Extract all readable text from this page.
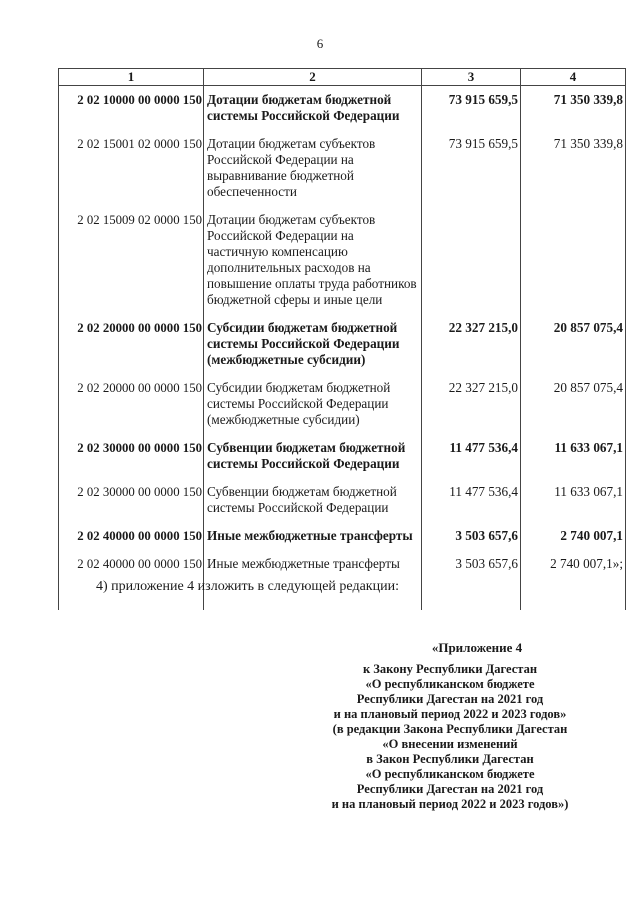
6
1	2	3	4
2 02 10000 00 0000 150	Дотации бюджетам бюджетной системы Российской Федерации	73 915 659,5	71 350 339,8
2 02 15001 02 0000 150	Дотации бюджетам субъектов Российской Федерации на выравнивание бюджетной обеспеченности	73 915 659,5	71 350 339,8
2 02 15009 02 0000 150	Дотации бюджетам субъектов Российской Федерации на частичную компенсацию дополнительных расходов на повышение оплаты труда работников бюджетной сферы и иные цели		
2 02 20000 00 0000 150	Субсидии бюджетам бюджетной системы Российской Федерации (межбюджетные субсидии)	22 327 215,0	20 857 075,4
2 02 20000 00 0000 150	Субсидии бюджетам бюджетной системы Российской Федерации (межбюджетные субсидии)	22 327 215,0	20 857 075,4
2 02 30000 00 0000 150	Субвенции бюджетам бюджетной системы Российской Федерации	11 477 536,4	11 633 067,1
2 02 30000 00 0000 150	Субвенции бюджетам бюджетной системы Российской Федерации	11 477 536,4	11 633 067,1
2 02 40000 00 0000 150	Иные межбюджетные трансферты	3 503 657,6	2 740 007,1
2 02 40000 00 0000 150	Иные межбюджетные трансферты	3 503 657,6	2 740 007,1»;
4) приложение 4 изложить в следующей редакции:
«Приложение 4
к Закону Республики Дагестан
«О республиканском бюджете
Республики Дагестан на 2021 год
и на плановый период 2022 и 2023 годов»
(в редакции Закона Республики Дагестан
«О внесении изменений
в Закон Республики Дагестан
«О республиканском бюджете
Республики Дагестан на 2021 год
и на плановый период 2022 и 2023 годов»)
